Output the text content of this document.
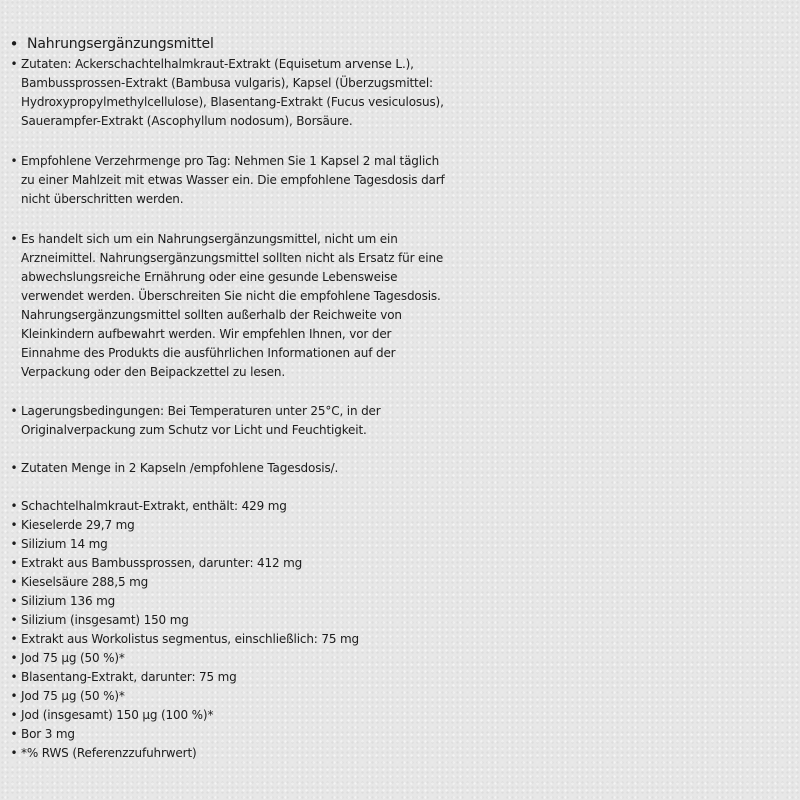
• Nahrungsergänzungsmittel
• Zutaten: Ackerschachtelhalmkraut-Extrakt (Equisetum arvense L.),
Bambussprossen-Extrakt (Bambusa vulgaris), Kapsel (Überzugsmittel:
Hydroxypropylmethylcellulose), Blasentang-Extrakt (Fucus vesiculosus),
Sauerampfer-Extrakt (Ascophyllum nodosum), Borsäure.
• Empfohlene Verzehrmenge pro Tag: Nehmen Sie 1 Kapsel 2 mal täglich
zu einer Mahlzeit mit etwas Wasser ein. Die empfohlene Tagesdosis darf
nicht überschritten werden.
• Es handelt sich um ein Nahrungsergänzungsmittel, nicht um ein
Arzneimittel. Nahrungsergänzungsmittel sollten nicht als Ersatz für eine
abwechslungsreiche Ernährung oder eine gesunde Lebensweise
verwendet werden. Überschreiten Sie nicht die empfohlene Tagesdosis.
Nahrungsergänzungsmittel sollten außerhalb der Reichweite von
Kleinkindern aufbewahrt werden. Wir empfehlen Ihnen, vor der
Einnahme des Produkts die ausführlichen Informationen auf der
Verpackung oder den Beipackzettel zu lesen.
• Lagerungsbedingungen: Bei Temperaturen unter 25°C, in der
Originalverpackung zum Schutz vor Licht und Feuchtigkeit.
• Zutaten Menge in 2 Kapseln /empfohlene Tagesdosis/.
• Schachtelhalmkraut-Extrakt, enthält: 429 mg
• Kieselerde 29,7 mg
• Silizium 14 mg
• Extrakt aus Bambussprossen, darunter: 412 mg
• Kieselsäure 288,5 mg
• Silizium 136 mg
• Silizium (insgesamt) 150 mg
• Extrakt aus Workolistus segmentus, einschließlich: 75 mg
• Jod 75 µg (50 %)*
• Blasentang-Extrakt, darunter: 75 mg
• Jod 75 µg (50 %)*
• Jod (insgesamt) 150 µg (100 %)*
• Bor 3 mg
• *% RWS (Referenzzufuhrwert)
